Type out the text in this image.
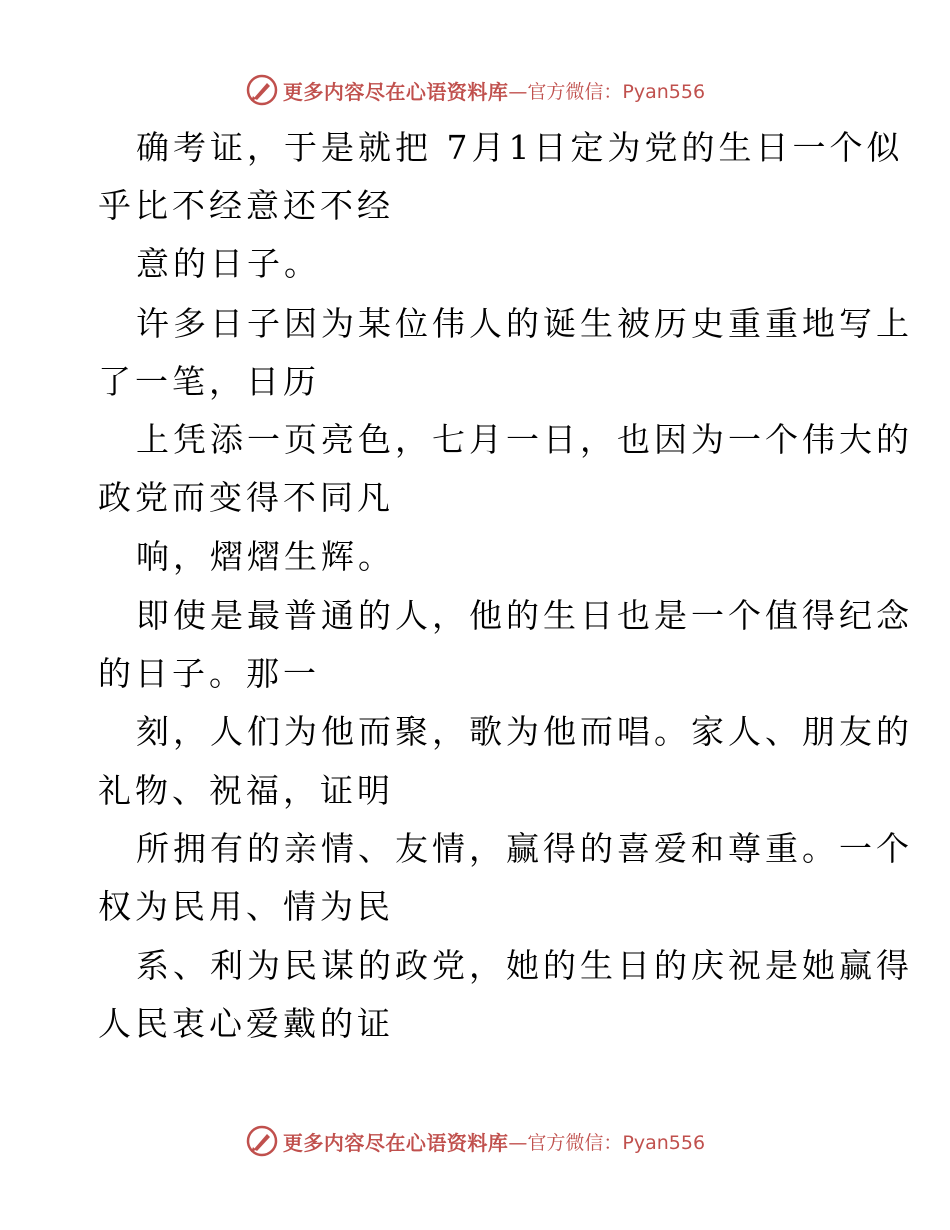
更多内容尽在心语资料库 —官方微信：Pyan556
确考证，于是就把 7月1日定为党的生日一个似
乎比不经意还不经
意的日子。
许多日子因为某位伟人的诞生被历史重重地写上
了一笔，日历
上凭添一页亮色，七月一日，也因为一个伟大的
政党而变得不同凡
响，熠熠生辉。
即使是最普通的人，他的生日也是一个值得纪念
的日子。那一
刻，人们为他而聚，歌为他而唱。家人、朋友的
礼物、祝福，证明
所拥有的亲情、友情，赢得的喜爱和尊重。一个
权为民用、情为民
系、利为民谋的政党，她的生日的庆祝是她赢得
人民衷心爱戴的证
更多内容尽在心语资料库 —官方微信：Pyan556
